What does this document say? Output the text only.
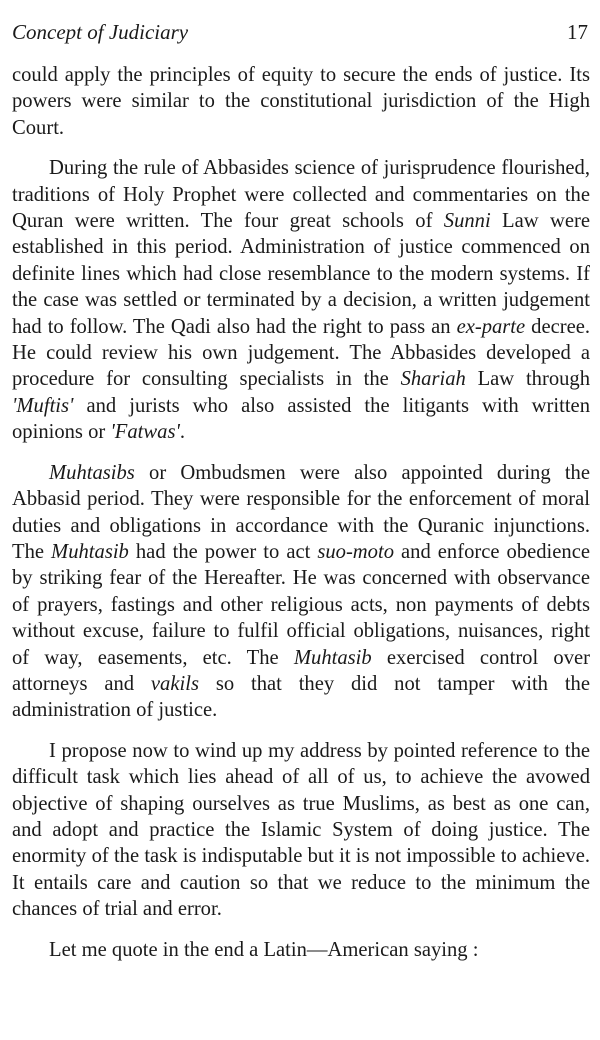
Concept of Judiciary	17

could apply the principles of equity to secure the ends of justice. Its powers were similar to the constitutional jurisdiction of the High Court.

During the rule of Abbasides science of jurisprudence flourished, traditions of Holy Prophet were collected and commentaries on the Quran were written. The four great schools of Sunni Law were established in this period. Administration of justice commenced on definite lines which had close resemblance to the modern systems. If the case was settled or terminated by a decision, a written judgement had to follow. The Qadi also had the right to pass an ex-parte decree. He could review his own judgement. The Abbasides developed a procedure for consulting specialists in the Shariah Law through 'Muftis' and jurists who also assisted the litigants with written opinions or 'Fatwas'.

Muhtasibs or Ombudsmen were also appointed during the Abbasid period. They were responsible for the enforcement of moral duties and obligations in accordance with the Quranic injunctions. The Muhtasib had the power to act suo-moto and enforce obedience by striking fear of the Hereafter. He was concerned with observance of prayers, fastings and other religious acts, non payments of debts without excuse, failure to fulfil official obligations, nuisances, right of way, easements, etc. The Muhtasib exercised control over attorneys and vakils so that they did not tamper with the administration of justice.

I propose now to wind up my address by pointed reference to the difficult task which lies ahead of all of us, to achieve the avowed objective of shaping ourselves as true Muslims, as best as one can, and adopt and practice the Islamic System of doing justice. The enormity of the task is indisputable but it is not impossible to achieve. It entails care and caution so that we reduce to the minimum the chances of trial and error.

Let me quote in the end a Latin—American saying :
